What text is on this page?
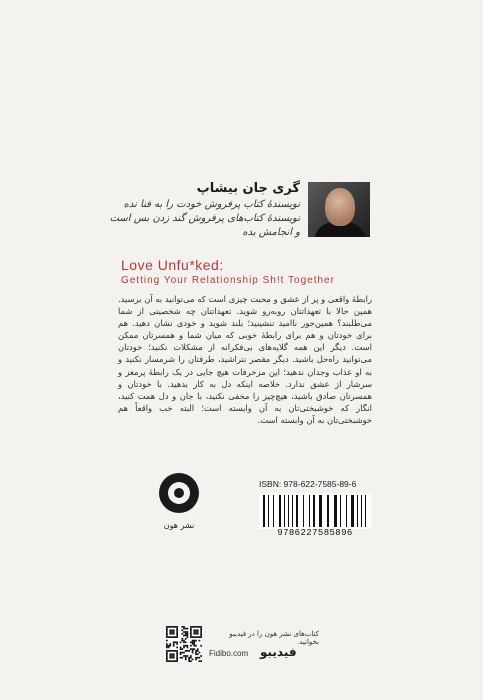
گری جان بیشاپ
نویسندۀ کتاب پرفروش خودت را به فنا نده
نویسندۀ کتاب‌های پرفروش گند زدن بس است
و انجامش بده
Love Unfu*ked:
Getting Your Relationship Sh!t Together

رابطۀ واقعی و پر از عشق و محبت چیزی است که می‌توانید به آن برسید. همین حالا با تعهداتتان روبه‌رو شوید. تعهداتتان چه شخصیتی از شما می‌طلبند؟ همین‌جور ناامید ننشینید؛ بلند شوید و خودی نشان دهید. هم برای خودتان و هم برای رابطۀ خوبی که میان شما و همسرتان ممکن است. دیگر این همه گلایه‌های بی‌فکرانه از مشکلات نکنید؛ خودتان می‌توانید راه‌حل باشید. دیگر مقصر نتراشید، طرفتان را شرمسار نکنید و به او عذاب وجدان ندهید؛ این مزخرفات هیچ جایی در یک رابطۀ پرمغز و سرشار از عشق ندارد. خلاصه اینکه دل به کار بدهید. با خودتان و همسرتان صادق باشید، هیچ‌چیز را مخفی نکنید، با جان و دل همت کنید، انگار که خوشبختی‌تان به آن وابسته است؛ البته خب واقعاً هم خوشبختی‌تان به آن وابسته است.

نشر هون
ISBN: 978-622-7585-89-6
9786227585896
کتاب‌های نشر هون را در فیدیبو بخوانید.
Fidibo.com فیدیبو
